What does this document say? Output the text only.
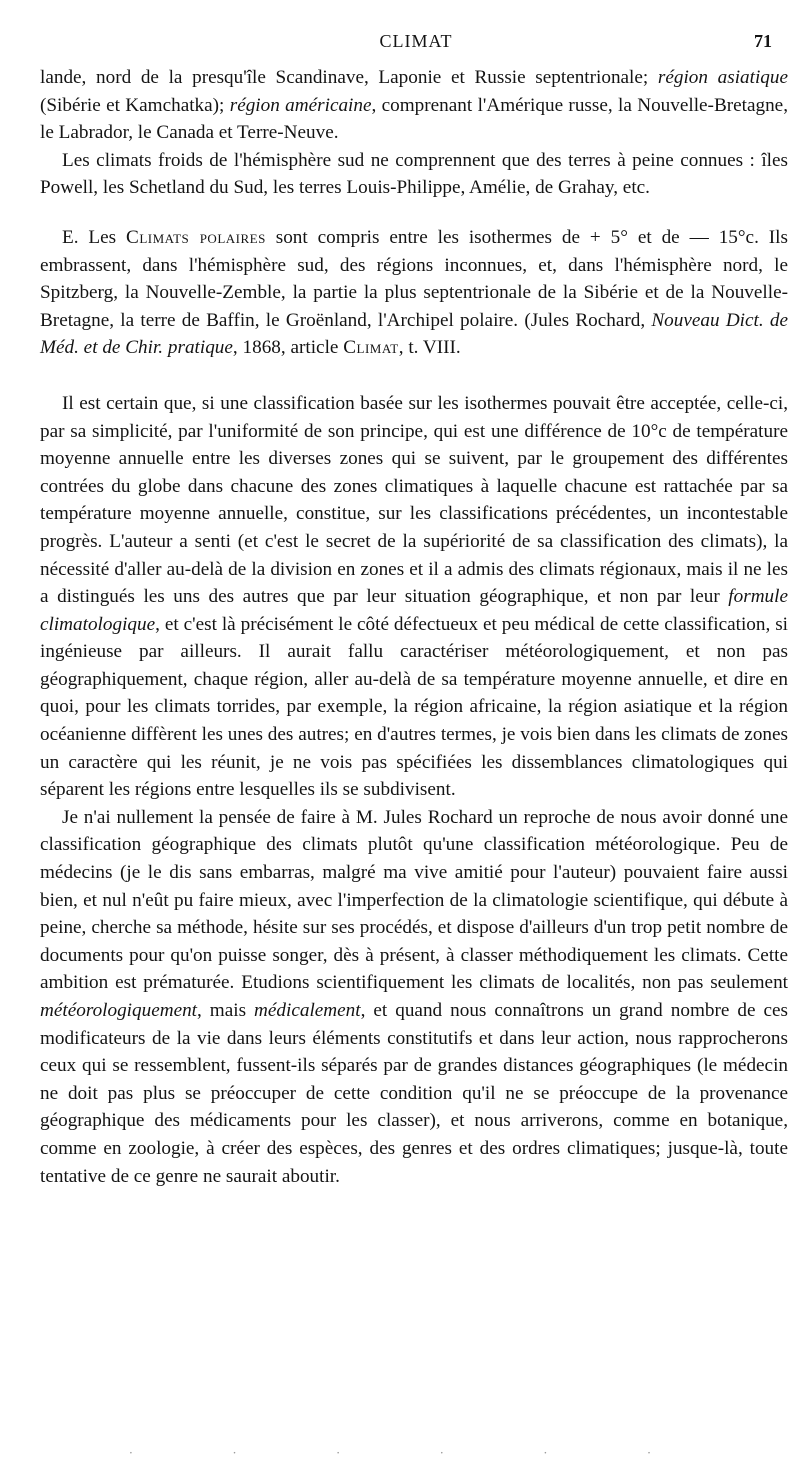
CLIMAT	71

lande, nord de la presqu'île Scandinave, Laponie et Russie septentrionale; région asiatique (Sibérie et Kamchatka); région américaine, comprenant l'Amérique russe, la Nouvelle-Bretagne, le Labrador, le Canada et Terre-Neuve.

Les climats froids de l'hémisphère sud ne comprennent que des terres à peine connues : îles Powell, les Schetland du Sud, les terres Louis-Philippe, Amélie, de Grahay, etc.

E. Les Climats polaires sont compris entre les isothermes de + 5° et de — 15°c. Ils embrassent, dans l'hémisphère sud, des régions inconnues, et, dans l'hémisphère nord, le Spitzberg, la Nouvelle-Zemble, la partie la plus septentrionale de la Sibérie et de la Nouvelle-Bretagne, la terre de Baffin, le Groënland, l'Archipel polaire. (Jules Rochard, Nouveau Dict. de Méd. et de Chir. pratique, 1868, article Climat, t. VIII.

Il est certain que, si une classification basée sur les isothermes pouvait être acceptée, celle-ci, par sa simplicité, par l'uniformité de son principe, qui est une différence de 10°c de température moyenne annuelle entre les diverses zones qui se suivent, par le groupement des différentes contrées du globe dans chacune des zones climatiques à laquelle chacune est rattachée par sa température moyenne annuelle, constitue, sur les classifications précédentes, un incontestable progrès. L'auteur a senti (et c'est le secret de la supériorité de sa classification des climats), la nécessité d'aller au-delà de la division en zones et il a admis des climats régionaux, mais il ne les a distingués les uns des autres que par leur situation géographique, et non par leur formule climatologique, et c'est là précisément le côté défectueux et peu médical de cette classification, si ingénieuse par ailleurs. Il aurait fallu caractériser météorologiquement, et non pas géographiquement, chaque région, aller au-delà de sa température moyenne annuelle, et dire en quoi, pour les climats torrides, par exemple, la région africaine, la région asiatique et la région océanienne diffèrent les unes des autres; en d'autres termes, je vois bien dans les climats de zones un caractère qui les réunit, je ne vois pas spécifiées les dissemblances climatologiques qui séparent les régions entre lesquelles ils se subdivisent.

Je n'ai nullement la pensée de faire à M. Jules Rochard un reproche de nous avoir donné une classification géographique des climats plutôt qu'une classification météorologique. Peu de médecins (je le dis sans embarras, malgré ma vive amitié pour l'auteur) pouvaient faire aussi bien, et nul n'eût pu faire mieux, avec l'imperfection de la climatologie scientifique, qui débute à peine, cherche sa méthode, hésite sur ses procédés, et dispose d'ailleurs d'un trop petit nombre de documents pour qu'on puisse songer, dès à présent, à classer méthodiquement les climats. Cette ambition est prématurée. Etudions scientifiquement les climats de localités, non pas seulement météorologiquement, mais médicalement, et quand nous connaîtrons un grand nombre de ces modificateurs de la vie dans leurs éléments constitutifs et dans leur action, nous rapprocherons ceux qui se ressemblent, fussent-ils séparés par de grandes distances géographiques (le médecin ne doit pas plus se préoccuper de cette condition qu'il ne se préoccupe de la provenance géographique des médicaments pour les classer), et nous arriverons, comme en botanique, comme en zoologie, à créer des espèces, des genres et des ordres climatiques; jusque-là, toute tentative de ce genre ne saurait aboutir.

· · · · · ·
